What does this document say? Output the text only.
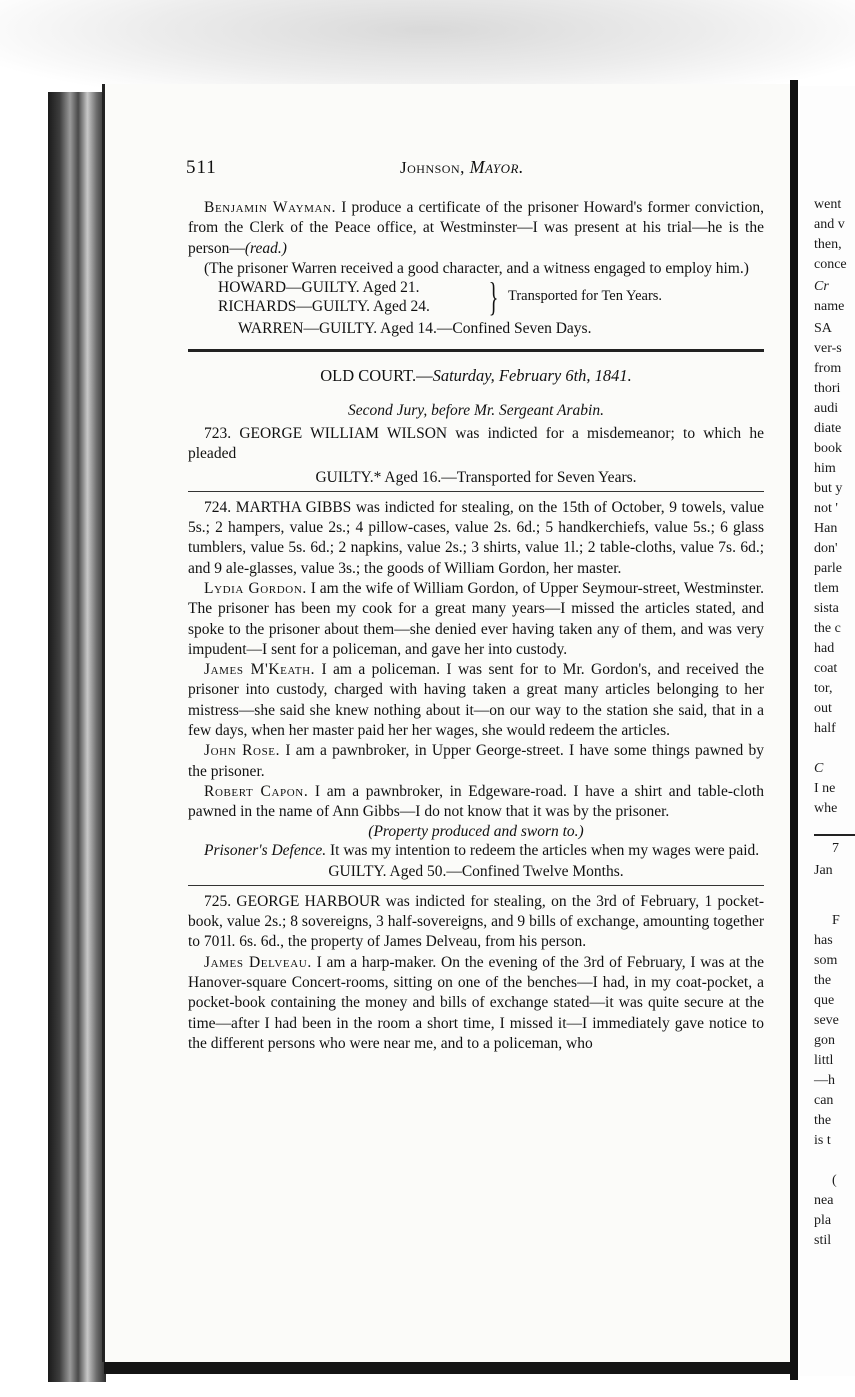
went
and v
then,
conce
Cr
name
SA
ver-s
from
thori
audi
diate
book
him
but y
not '
Han
don'
parle
tlem
sista
the c
had
coat
tor,
out
half
C
I ne
whe
7
Jan
F
has
som
the
que
seve
gon
littl
—h
can
the
is t
(
nea
pla
stil
511	Johnson, Mayor.

Benjamin Wayman. I produce a certificate of the prisoner Howard's former conviction, from the Clerk of the Peace office, at Westminster—I was present at his trial—he is the person—(read.)

(The prisoner Warren received a good character, and a witness engaged to employ him.)

HOWARD—GUILTY. Aged 21.
RICHARDS—GUILTY. Aged 24. } Transported for Ten Years.
WARREN—GUILTY. Aged 14.—Confined Seven Days.

OLD COURT.—Saturday, February 6th, 1841.

Second Jury, before Mr. Sergeant Arabin.

723. GEORGE WILLIAM WILSON was indicted for a misdemeanor; to which he pleaded

GUILTY.* Aged 16.—Transported for Seven Years.

724. MARTHA GIBBS was indicted for stealing, on the 15th of October, 9 towels, value 5s.; 2 hampers, value 2s.; 4 pillow-cases, value 2s. 6d.; 5 handkerchiefs, value 5s.; 6 glass tumblers, value 5s. 6d.; 2 napkins, value 2s.; 3 shirts, value 1l.; 2 table-cloths, value 7s. 6d.; and 9 ale-glasses, value 3s.; the goods of William Gordon, her master.

Lydia Gordon. I am the wife of William Gordon, of Upper Seymour-street, Westminster. The prisoner has been my cook for a great many years—I missed the articles stated, and spoke to the prisoner about them—she denied ever having taken any of them, and was very impudent—I sent for a policeman, and gave her into custody.

James M'Keath. I am a policeman. I was sent for to Mr. Gordon's, and received the prisoner into custody, charged with having taken a great many articles belonging to her mistress—she said she knew nothing about it—on our way to the station she said, that in a few days, when her master paid her her wages, she would redeem the articles.

John Rose. I am a pawnbroker, in Upper George-street. I have some things pawned by the prisoner.

Robert Capon. I am a pawnbroker, in Edgeware-road. I have a shirt and table-cloth pawned in the name of Ann Gibbs—I do not know that it was by the prisoner.

(Property produced and sworn to.)

Prisoner's Defence. It was my intention to redeem the articles when my wages were paid.

GUILTY. Aged 50.—Confined Twelve Months.

725. GEORGE HARBOUR was indicted for stealing, on the 3rd of February, 1 pocket-book, value 2s.; 8 sovereigns, 3 half-sovereigns, and 9 bills of exchange, amounting together to 701l. 6s. 6d., the property of James Delveau, from his person.

James Delveau. I am a harp-maker. On the evening of the 3rd of February, I was at the Hanover-square Concert-rooms, sitting on one of the benches—I had, in my coat-pocket, a pocket-book containing the money and bills of exchange stated—it was quite secure at the time—after I had been in the room a short time, I missed it—I immediately gave notice to the different persons who were near me, and to a policeman, who
